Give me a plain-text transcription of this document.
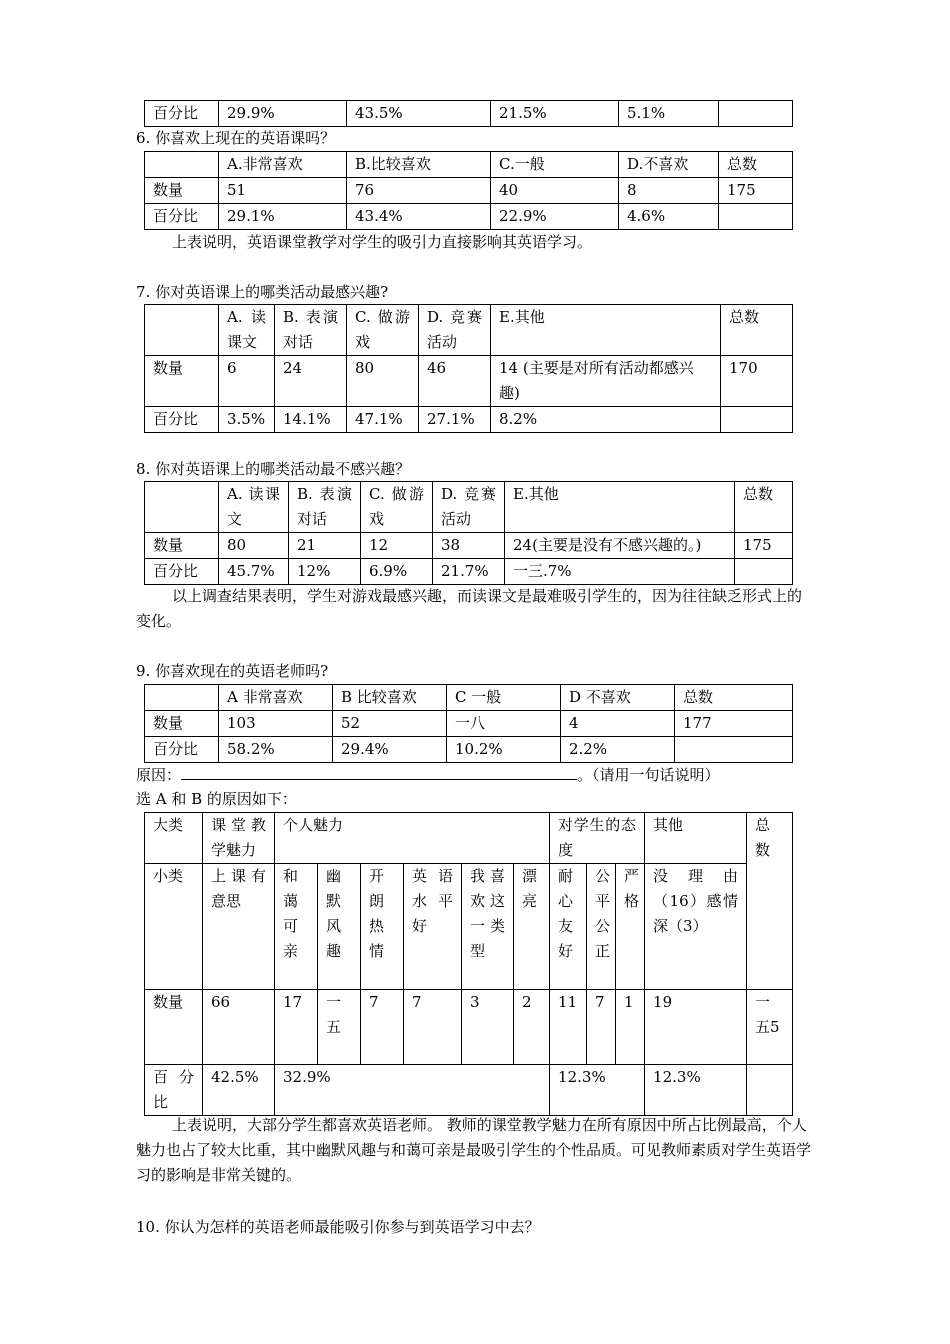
百分比	29.9%	43.5%	21.5%	5.1%	
6. 你喜欢上现在的英语课吗？
	A.非常喜欢	B.比较喜欢	C.一般	D.不喜欢	总数
数量	51	76	40	8	175
百分比	29.1%	43.4%	22.9%	4.6%	
上表说明，英语课堂教学对学生的吸引力直接影响其英语学习。
7. 你对英语课上的哪类活动最感兴趣?
	A. 读课文	B. 表演对话	C. 做游戏	D. 竞赛活动	E.其他	总数
数量	6	24	80	46	14 (主要是对所有活动都感兴趣)	170
百分比	3.5%	14.1%	47.1%	27.1%	8.2%	
8. 你对英语课上的哪类活动最不感兴趣？
	A. 读课文	B. 表演对话	C. 做游戏	D. 竞赛活动	E.其他	总数
数量	80	21	12	38	24(主要是没有不感兴趣的。)	175
百分比	45.7%	12%	6.9%	21.7%	一三.7%	
以上调查结果表明，学生对游戏最感兴趣，而读课文是最难吸引学生的，因为往往缺乏形式上的变化。
9. 你喜欢现在的英语老师吗?
	A 非常喜欢	B 比较喜欢	C 一般	D 不喜欢	总数
数量	103	52	一八	4	177
百分比	58.2%	29.4%	10.2%	2.2%	
原因：	。（请用一句话说明）
选 A 和 B 的原因如下：
大类	课堂教学魅力	个人魅力						对学生的态度			其他	总数
小类	上课有意思	和蔼可亲	幽默风趣	开朗热情	英语水平好	我喜欢这一类型	漂亮	耐心友好	公平公正	严格	没理由（16）感情深（3）	
数量	66	17	一五	7	7	3	2	11	7	1	19	一五5
百分比	42.5%	32.9%						12.3%			12.3%	
上表说明，大部分学生都喜欢英语老师。 教师的课堂教学魅力在所有原因中所占比例最高，个人魅力也占了较大比重，其中幽默风趣与和蔼可亲是最吸引学生的个性品质。可见教师素质对学生英语学习的影响是非常关键的。
10. 你认为怎样的英语老师最能吸引你参与到英语学习中去？
